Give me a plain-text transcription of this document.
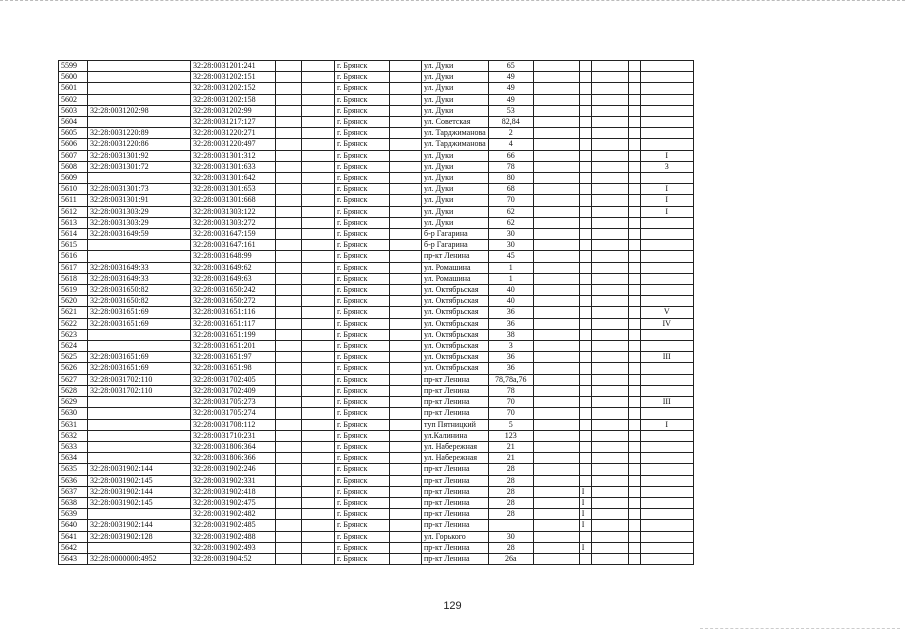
5599		32:28:0031201:241			г. Брянск		ул. Дуки	65					
5600		32:28:0031202:151			г. Брянск		ул. Дуки	49					
5601		32:28:0031202:152			г. Брянск		ул. Дуки	49					
5602		32:28:0031202:158			г. Брянск		ул. Дуки	49					
5603	32:28:0031202:98	32:28:0031202:99			г. Брянск		ул. Дуки	53					
5604		32:28:0031217:127			г. Брянск		ул. Советская	82,84					
5605	32:28:0031220:89	32:28:0031220:271			г. Брянск		ул. Тарджиманова	2					
5606	32:28:0031220:86	32:28:0031220:497			г. Брянск		ул. Тарджиманова	4					
5607	32:28:0031301:92	32:28:0031301:312			г. Брянск		ул. Дуки	66					I
5608	32:28:0031301:72	32:28:0031301:633			г. Брянск		ул. Дуки	78					3
5609		32:28:0031301:642			г. Брянск		ул. Дуки	80					
5610	32:28:0031301:73	32:28:0031301:653			г. Брянск		ул. Дуки	68					I
5611	32:28:0031301:91	32:28:0031301:668			г. Брянск		ул. Дуки	70					I
5612	32:28:0031303:29	32:28:0031303:122			г. Брянск		ул. Дуки	62					I
5613	32:28:0031303:29	32:28:0031303:272			г. Брянск		ул. Дуки	62					
5614	32:28:0031649:59	32:28:0031647:159			г. Брянск		б-р Гагарина	30					
5615		32:28:0031647:161			г. Брянск		б-р Гагарина	30					
5616		32:28:0031648:99			г. Брянск		пр-кт Ленина	45					
5617	32:28:0031649:33	32:28:0031649:62			г. Брянск		ул. Ромашина	1					
5618	32:28:0031649:33	32:28:0031649:63			г. Брянск		ул. Ромашина	1					
5619	32:28:0031650:82	32:28:0031650:242			г. Брянск		ул. Октябрьская	40					
5620	32:28:0031650:82	32:28:0031650:272			г. Брянск		ул. Октябрьская	40					
5621	32:28:0031651:69	32:28:0031651:116			г. Брянск		ул. Октябрьская	36					V
5622	32:28:0031651:69	32:28:0031651:117			г. Брянск		ул. Октябрьская	36					IV
5623		32:28:0031651:199			г. Брянск		ул. Октябрьская	38					
5624		32:28:0031651:201			г. Брянск		ул. Октябрьская	3					
5625	32:28:0031651:69	32:28:0031651:97			г. Брянск		ул. Октябрьская	36					III
5626	32:28:0031651:69	32:28:0031651:98			г. Брянск		ул. Октябрьская	36					
5627	32:28:0031702:110	32:28:0031702:405			г. Брянск		пр-кт Ленина	78,78а,76					
5628	32:28:0031702:110	32:28:0031702:409			г. Брянск		пр-кт Ленина	78					
5629		32:28:0031705:273			г. Брянск		пр-кт Ленина	70					III
5630		32:28:0031705:274			г. Брянск		пр-кт Ленина	70					
5631		32:28:0031708:112			г. Брянск		туп Пятницкий	5					I
5632		32:28:0031710:231			г. Брянск		ул.Калинина	123					
5633		32:28:0031806:364			г. Брянск		ул. Набережная	21					
5634		32:28:0031806:366			г. Брянск		ул. Набережная	21					
5635	32:28:0031902:144	32:28:0031902:246			г. Брянск		пр-кт Ленина	28					
5636	32:28:0031902:145	32:28:0031902:331			г. Брянск		пр-кт Ленина	28					
5637	32:28:0031902:144	32:28:0031902:418			г. Брянск		пр-кт Ленина	28		I			
5638	32:28:0031902:145	32:28:0031902:475			г. Брянск		пр-кт Ленина	28		I			
5639		32:28:0031902:482			г. Брянск		пр-кт Ленина	28		I			
5640	32:28:0031902:144	32:28:0031902:485			г. Брянск		пр-кт Ленина			I			
5641	32:28:0031902:128	32:28:0031902:488			г. Брянск		ул. Горького	30					
5642		32:28:0031902:493			г. Брянск		пр-кт Ленина	28		I			
5643	32:28:0000000:4952	32:28:0031904:52			г. Брянск		пр-кт Ленина	26а					
129
